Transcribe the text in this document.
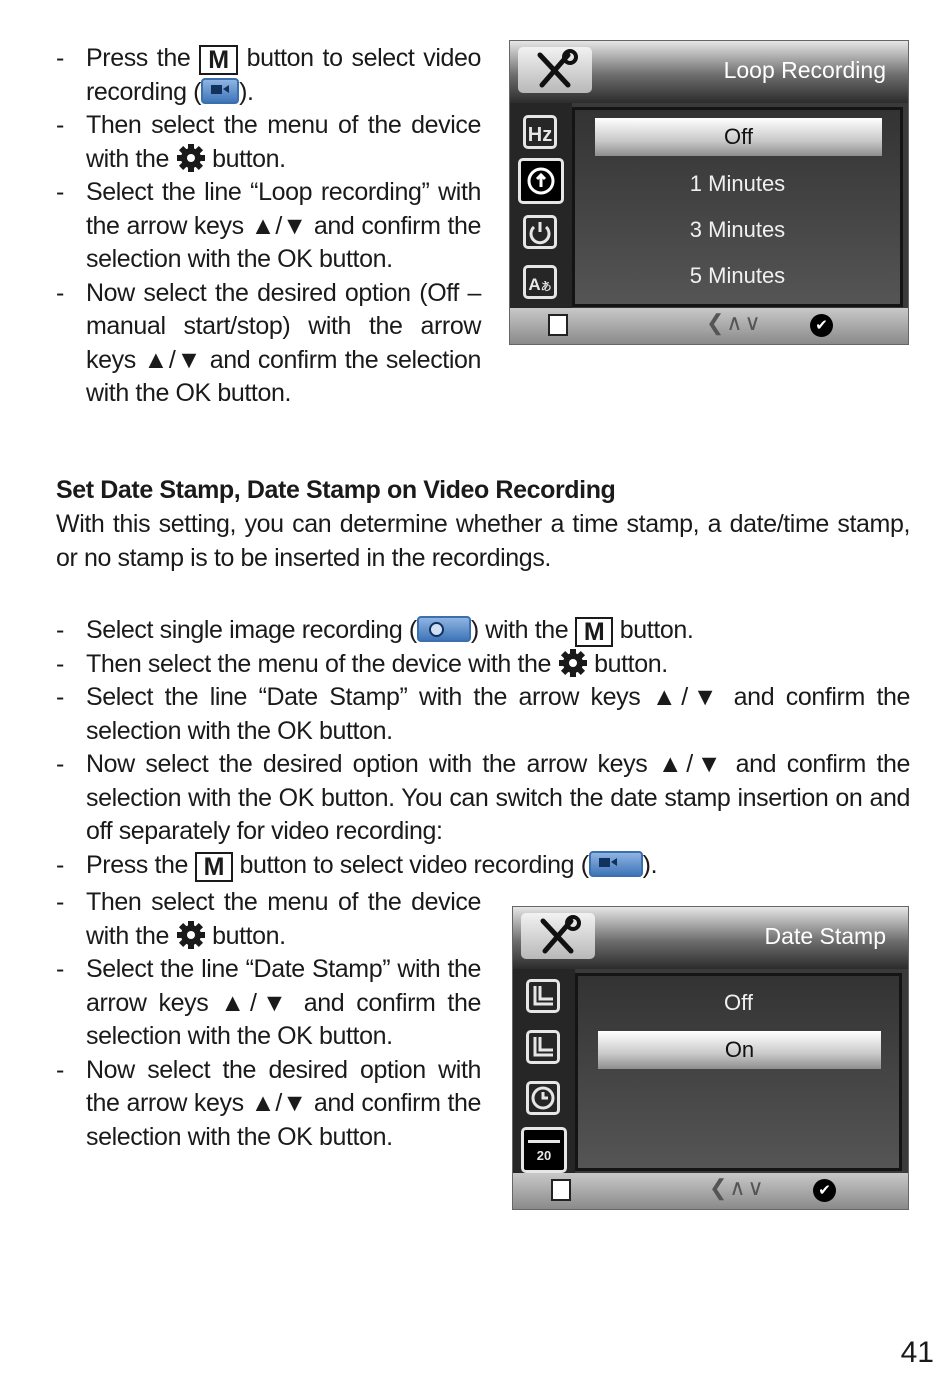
- Press the M button to select video recording ( ).
- Then select the menu of the device with the button.
- Select the line “Loop recording” with the arrow keys ▲/▼ and confirm the selection with the OK button.
- Now select the desired option (Off – manual start/stop) with the arrow keys ▲/▼ and confirm the selection with the OK button.
Loop Recording
Hz
Aあ
Off
1 Minutes
3 Minutes
5 Minutes
❮∧∨	✔
Set Date Stamp, Date Stamp on Video Recording

With this setting, you can determine whether a time stamp, a date/time stamp, or no stamp is to be inserted in the recordings.

- Select single image recording ( ) with the M button.
- Then select the menu of the device with the button.
- Select the line “Date Stamp” with the arrow keys ▲/▼ and confirm the selection with the OK button.
- Now select the desired option with the arrow keys ▲/▼ and confirm the selection with the OK button. You can switch the date stamp insertion on and off separately for video recording:
- Press the M button to select video recording ( ).
- Then select the menu of the device with the button.
- Select the line “Date Stamp” with the arrow keys ▲/▼ and confirm the selection with the OK button.
- Now select the desired option with the arrow keys ▲/▼ and confirm the selection with the OK button.
Date Stamp
20
Off
On
❮∧∨	✔
41
